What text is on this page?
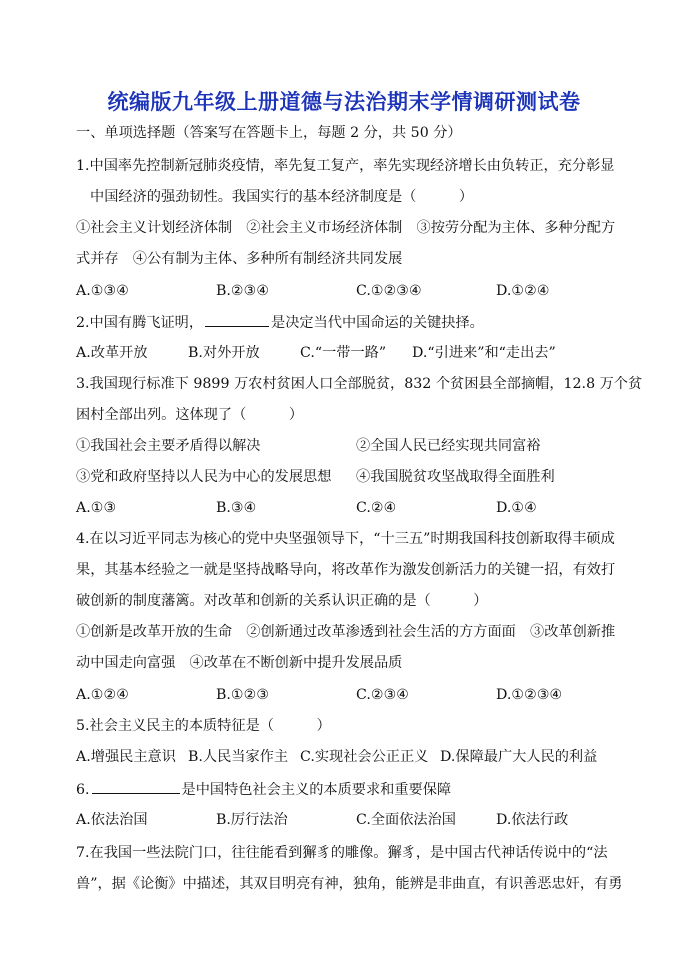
统编版九年级上册道德与法治期末学情调研测试卷
一、单项选择题（答案写在答题卡上，每题 2 分，共 50 分）
1.中国率先控制新冠肺炎疫情，率先复工复产，率先实现经济增长由负转正，充分彰显
中国经济的强劲韧性。我国实行的基本经济制度是（　　　）
①社会主义计划经济体制　②社会主义市场经济体制　③按劳分配为主体、多种分配方
式并存　④公有制为主体、多种所有制经济共同发展
A.①③④	B.②③④	C.①②③④	D.①②④
2.中国有腾飞证明，	是决定当代中国命运的关键抉择。
A.改革开放	B.对外开放	C.“一带一路” D.“引进来”和“走出去”
3.我国现行标准下 9899 万农村贫困人口全部脱贫，832 个贫困县全部摘帽，12.8 万个贫
困村全部出列。这体现了（　　　）
①我国社会主要矛盾得以解决	②全国人民已经实现共同富裕
③党和政府坚持以人民为中心的发展思想 ④我国脱贫攻坚战取得全面胜利
A.①③	B.③④	C.②④	D.①④
4.在以习近平同志为核心的党中央坚强领导下，“十三五”时期我国科技创新取得丰硕成
果，其基本经验之一就是坚持战略导向，将改革作为激发创新活力的关键一招，有效打
破创新的制度藩篱。对改革和创新的关系认识正确的是（　　　）
①创新是改革开放的生命　②创新通过改革渗透到社会生活的方方面面　③改革创新推
动中国走向富强　④改革在不断创新中提升发展品质
A.①②④	B.①②③	C.②③④	D.①②③④
5.社会主义民主的本质特征是（　　　）
A.增强民主意识 B.人民当家作主 C.实现社会公正正义 D.保障最广大人民的利益
6.	是中国特色社会主义的本质要求和重要保障
A.依法治国	B.厉行法治	C.全面依法治国	D.依法行政
7.在我国一些法院门口，往往能看到獬豸的雕像。獬豸，是中国古代神话传说中的“法
兽”，据《论衡》中描述，其双目明亮有神，独角，能辨是非曲直，有识善恶忠奸，有勇
